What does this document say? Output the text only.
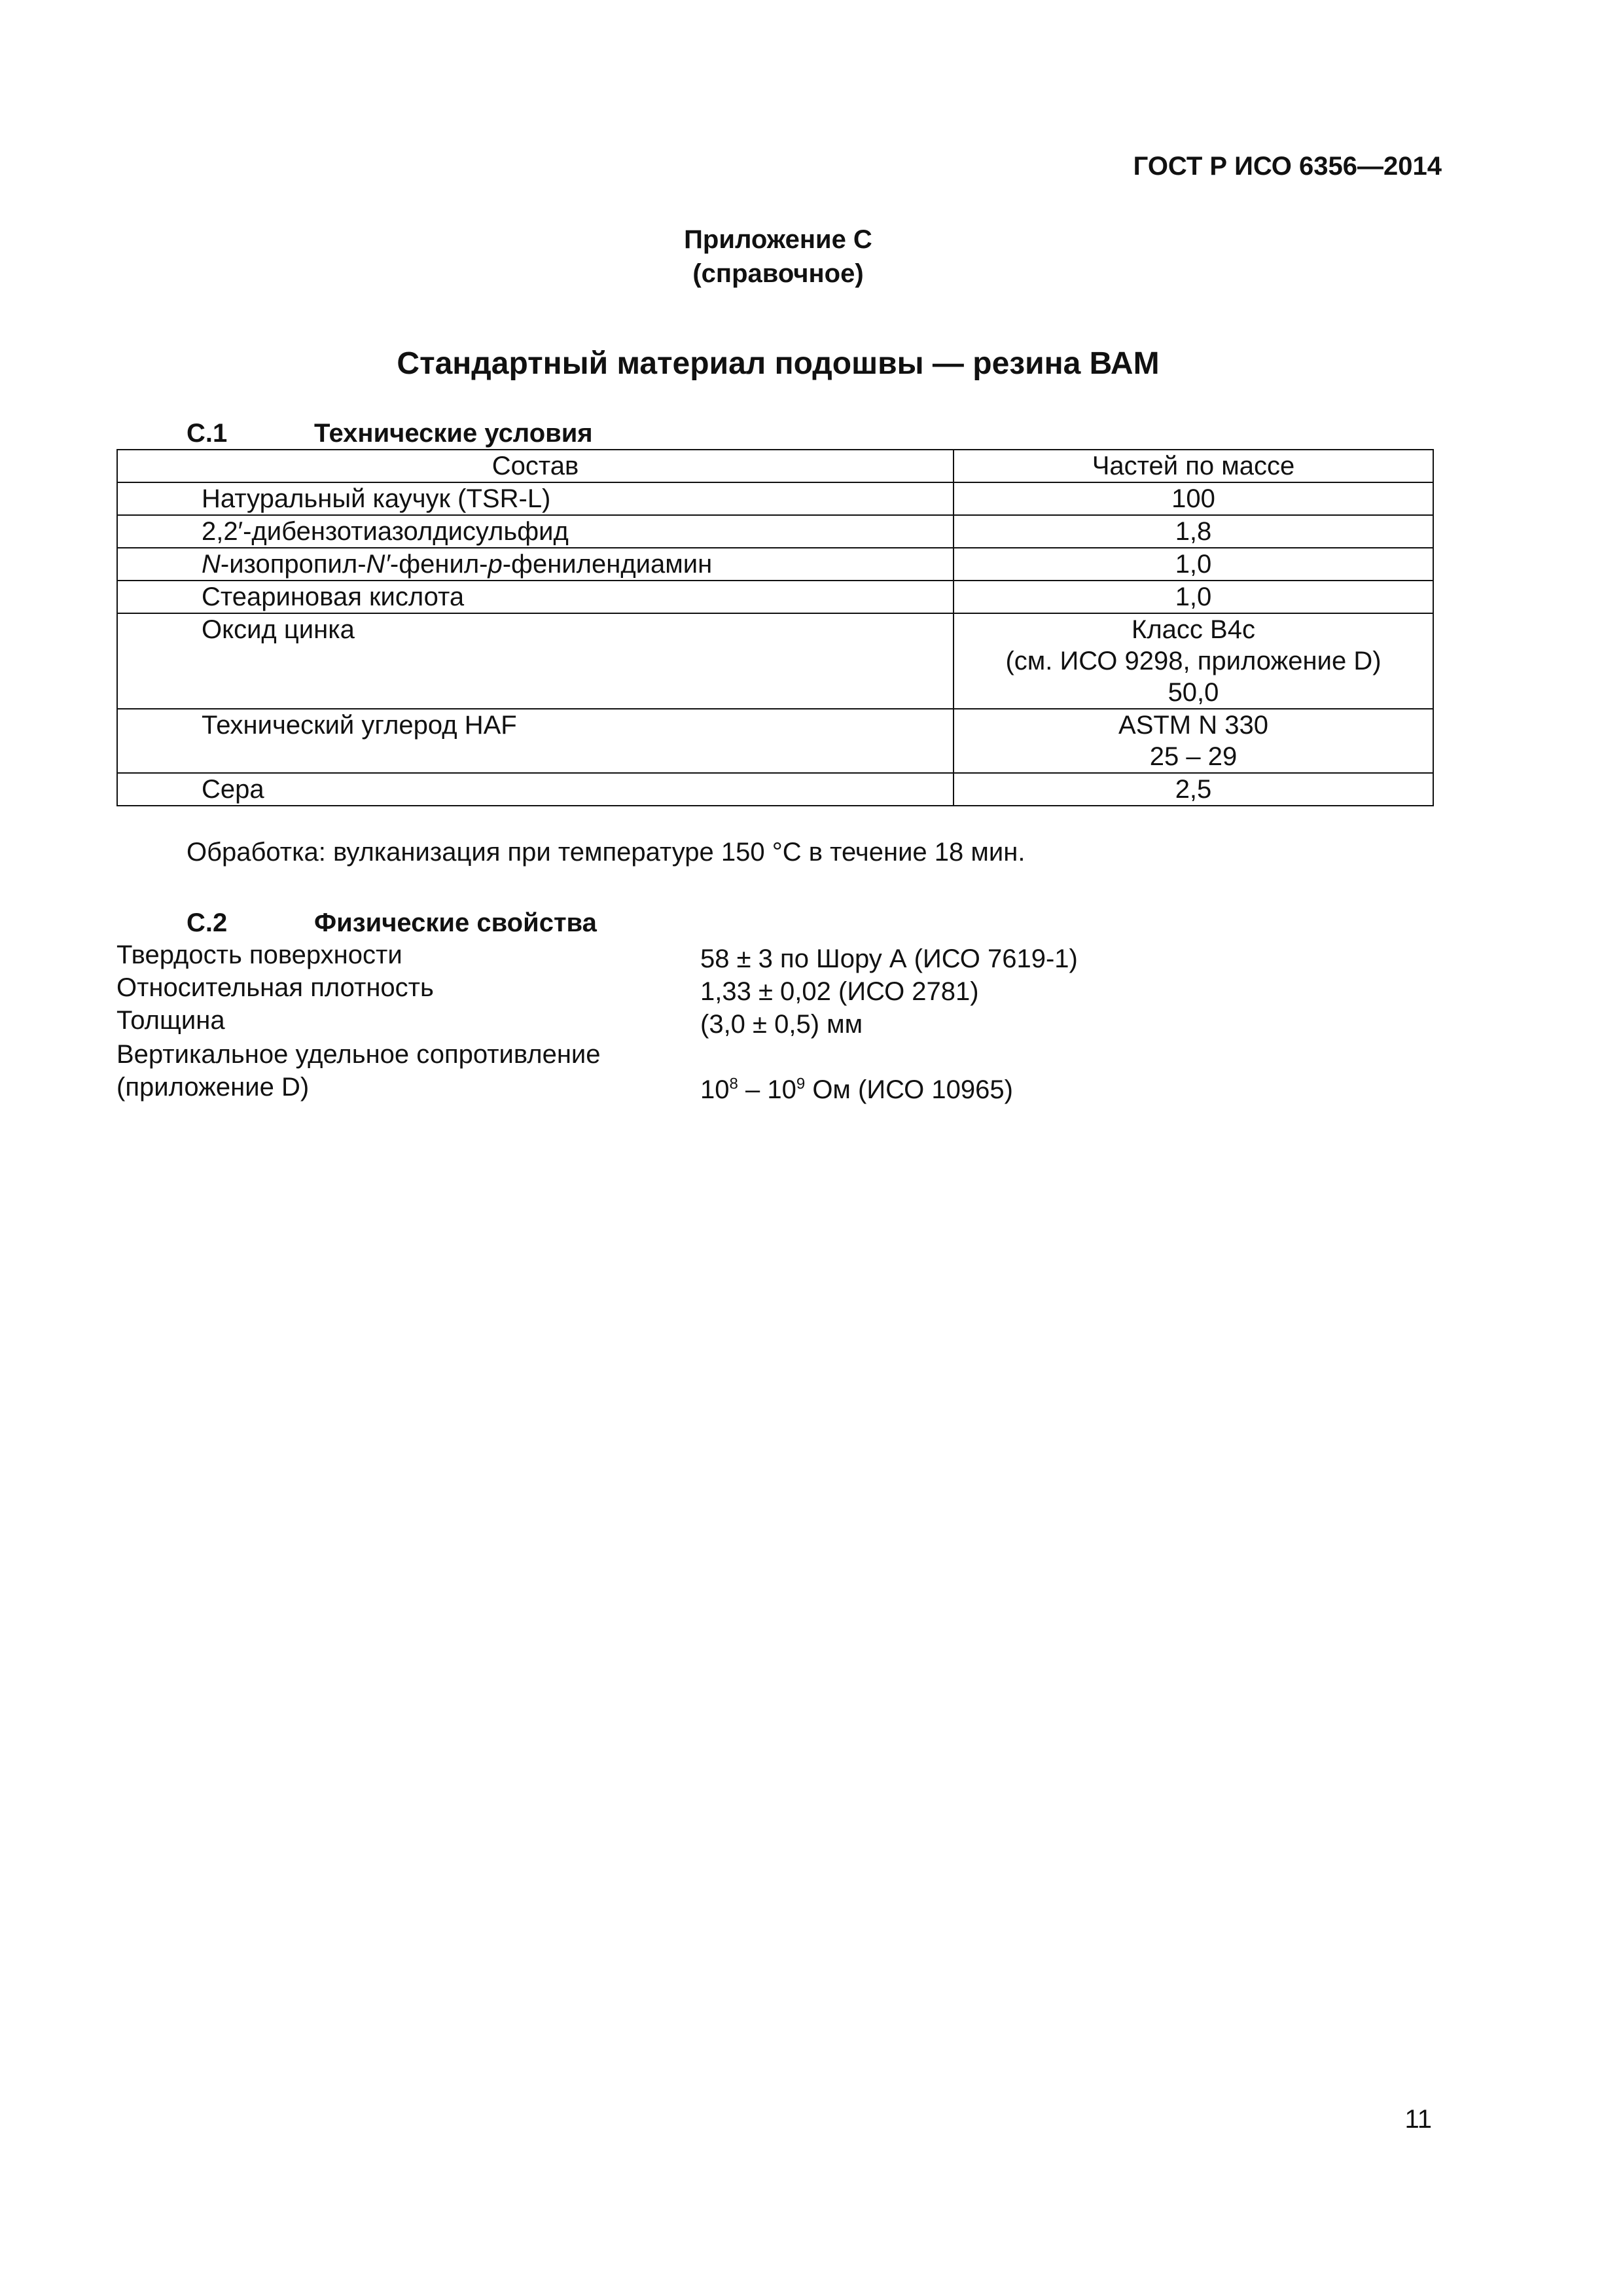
ГОСТ Р ИСО 6356—2014
Приложение С
(справочное)
Стандартный материал подошвы — резина ВАМ
С.1	Технические условия
Состав	Частей по массе
Натуральный каучук (TSR-L)	100
2,2′-дибензотиазолдисульфид	1,8
N-изопропил-N′-фенил-p-фенилендиамин	1,0
Стеариновая кислота	1,0
Оксид цинка	Класс В4с
(см. ИСО 9298, приложение D)
50,0

Технический углерод HAF	ASTM N 330
25 – 29

Сера	2,5
Обработка: вулканизация при температуре 150 °С в течение 18 мин.
С.2	Физические свойства
Твердость поверхности	58 ± 3 по Шору А (ИСО 7619-1)
Относительная плотность	1,33 ± 0,02 (ИСО 2781)
Толщина	(3,0 ± 0,5) мм
Вертикальное удельное сопротивление
(приложение D)	$10^8 - 10^9$ Ом (ИСО 10965)
11
